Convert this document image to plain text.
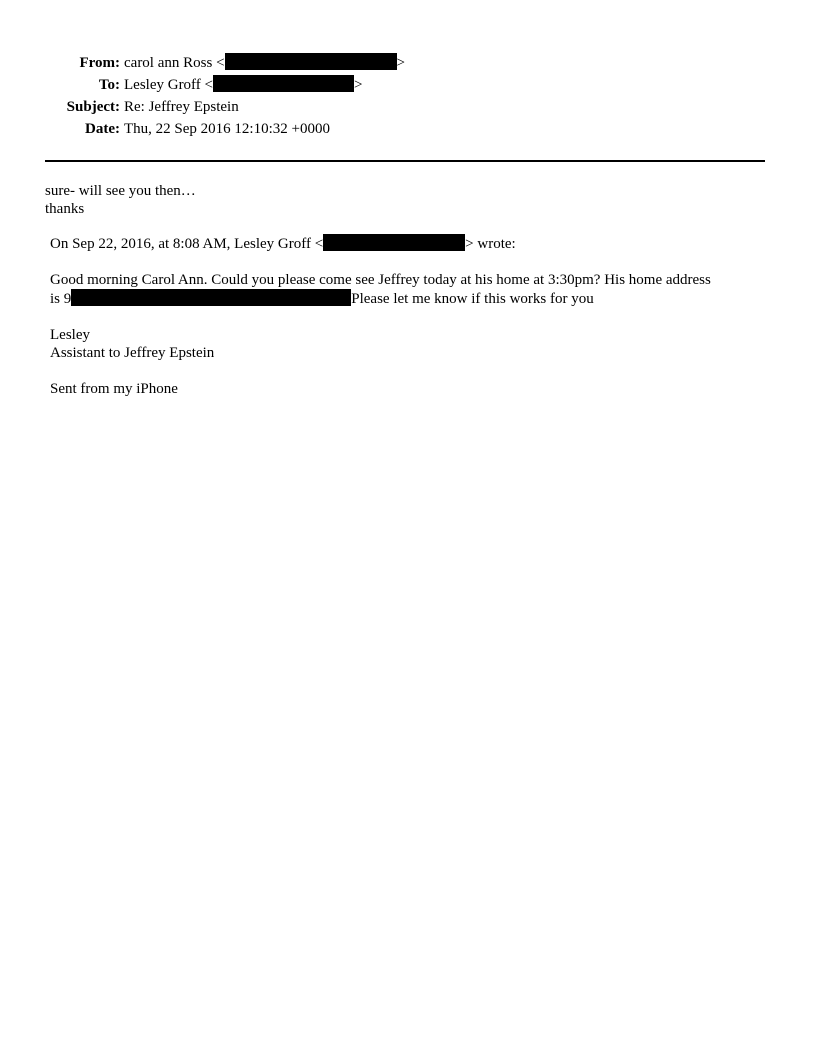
From: carol ann Ross <	>
To: Lesley Groff <	>
Subject: Re: Jeffrey Epstein
Date: Thu, 22 Sep 2016 12:10:32 +0000
sure- will see you then…
thanks
On Sep 22, 2016, at 8:08 AM, Lesley Groff <	> wrote:
Good morning Carol Ann. Could you please come see Jeffrey today at his home at 3:30pm? His home address
is 9	Please let me know if this works for you
Lesley
Assistant to Jeffrey Epstein
Sent from my iPhone
